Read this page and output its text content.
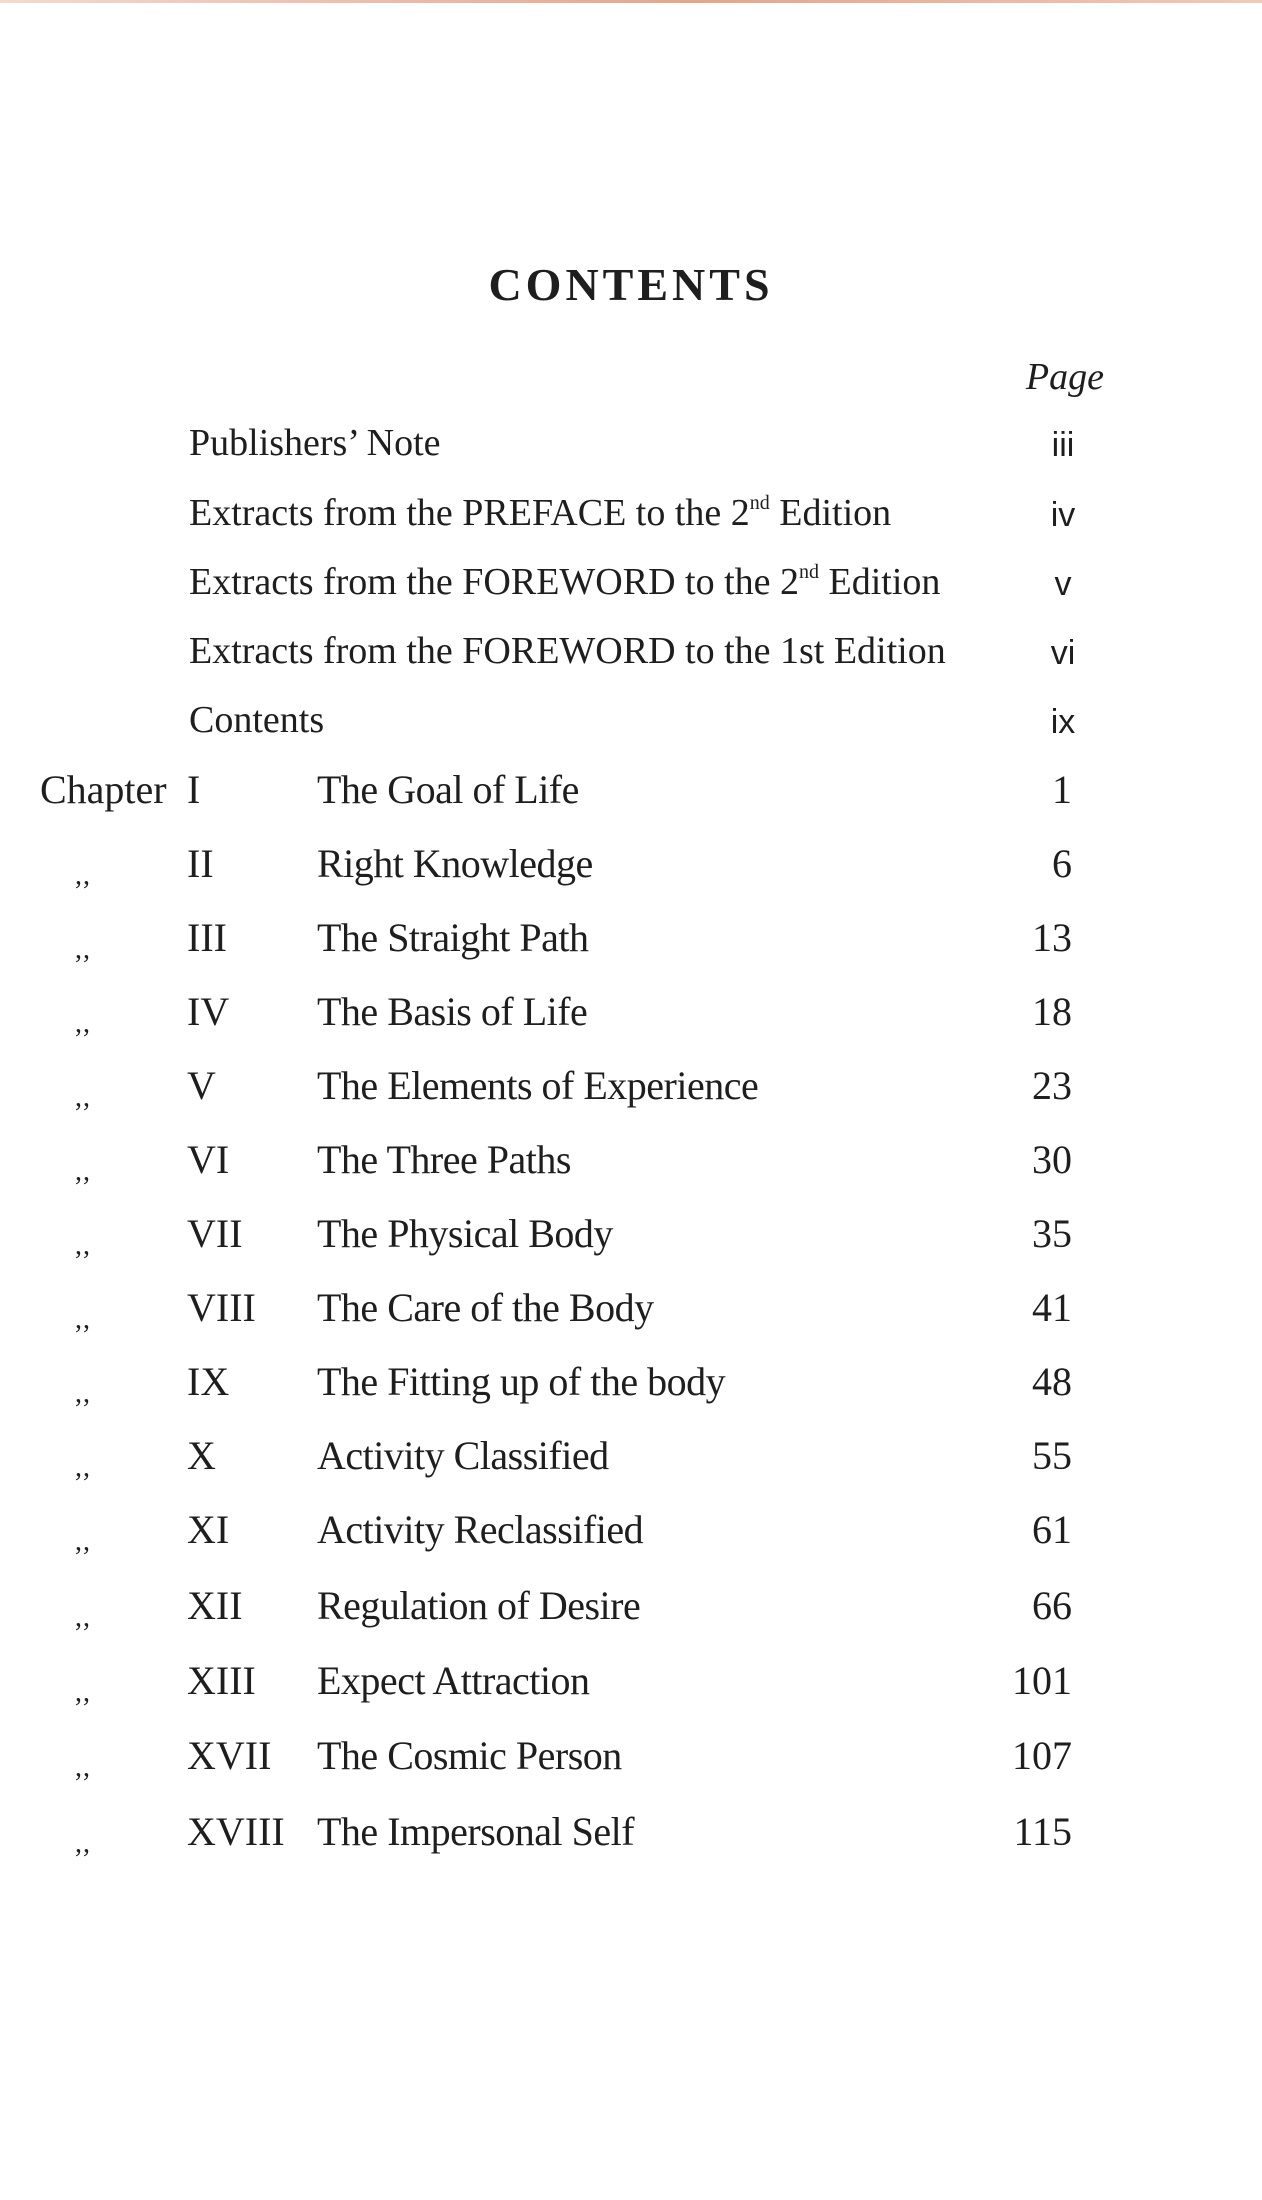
CONTENTS
Page
Publishers’ Note	iii
Extracts from the PREFACE to the 2nd Edition	iv
Extracts from the FOREWORD to the 2nd Edition	v
Extracts from the FOREWORD to the 1st Edition	vi
Contents	ix
Chapter I	The Goal of Life	1
,, II	Right Knowledge	6
,, III The Straight Path	13
,, IV The Basis of Life	18
,, V	The Elements of Experience	23
,, VI The Three Paths	30
,, VII The Physical Body	35
,, VIII The Care of the Body	41
,, IX The Fitting up of the body	48
,, X	Activity Classified	55
,, XI Activity Reclassified	61
,, XII Regulation of Desire	66
,, XIII Expect Attraction	101
,, XVII The Cosmic Person	107
,, XVIII The Impersonal Self	115
